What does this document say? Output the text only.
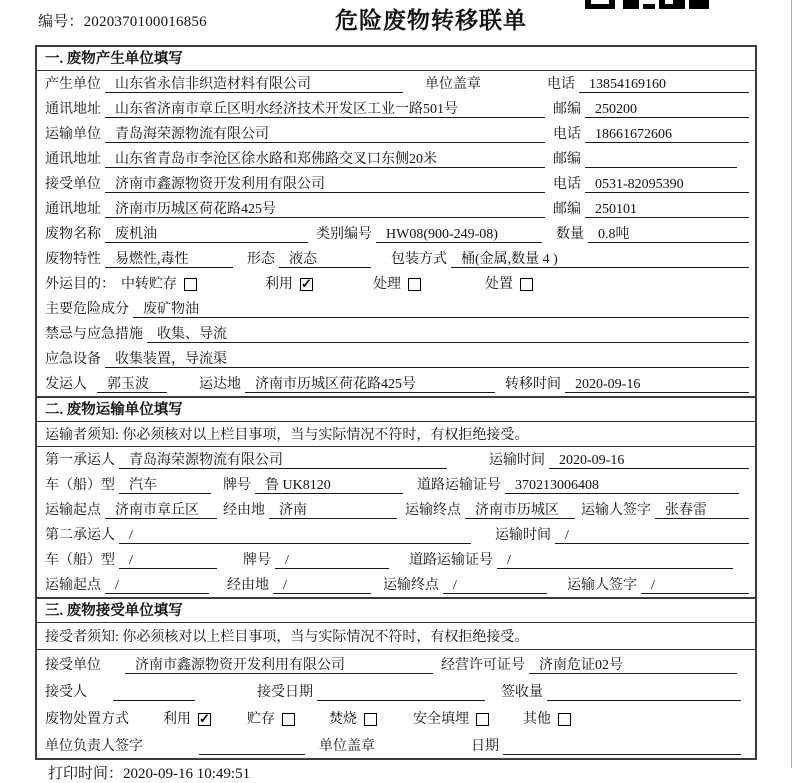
编号：2020370100016856	危险废物转移联单
一. 废物产生单位填写
产生单位	山东省永信非织造材料有限公司	单位盖章	电话	13854169160
通讯地址	山东省济南市章丘区明水经济技术开发区工业一路501号	邮编	250200
运输单位	青岛海荣源物流有限公司	电话	18661672606
通讯地址	山东省青岛市李沧区徐水路和郑佛路交叉口东侧20米	邮编
接受单位	济南市鑫源物资开发利用有限公司	电话	0531-82095390
通讯地址	济南市历城区荷花路425号	邮编	250101
废物名称	废机油	类别编号	HW08(900-249-08)	数量	0.8吨
废物特性	易燃性,毒性	形态	液态	包装方式	桶(金属,数量 4 )
外运目的： 中转贮存	利用 ✓	处理	处置
主要危险成分	废矿物油
禁忌与应急措施	收集、导流
应急设备	收集装置，导流渠
发运人	郭玉波	运达地	济南市历城区荷花路425号	转移时间	2020-09-16
二. 废物运输单位填写
运输者须知: 你必须核对以上栏目事项，当与实际情况不符时，有权拒绝接受。
第一承运人	青岛海荣源物流有限公司	运输时间	2020-09-16
车（船）型	汽车	牌号	鲁 UK8120	道路运输证号	370213006408
运输起点	济南市章丘区	经由地	济南	运输终点	济南市历城区	运输人签字	张春雷
第二承运人	/	运输时间	/
车（船）型	/	牌号	/	道路运输证号	/
运输起点	/	经由地	/	运输终点	/	运输人签字	/
三. 废物接受单位填写
接受者须知: 你必须核对以上栏目事项，当与实际情况不符时，有权拒绝接受。
接受单位	济南市鑫源物资开发利用有限公司	经营许可证号	济南危证02号
接受人	接受日期	签收量
废物处置方式 利用 ✓	贮存	焚烧	安全填埋	其他
单位负责人签字	单位盖章	日期
打印时间：2020-09-16 10:49:51
